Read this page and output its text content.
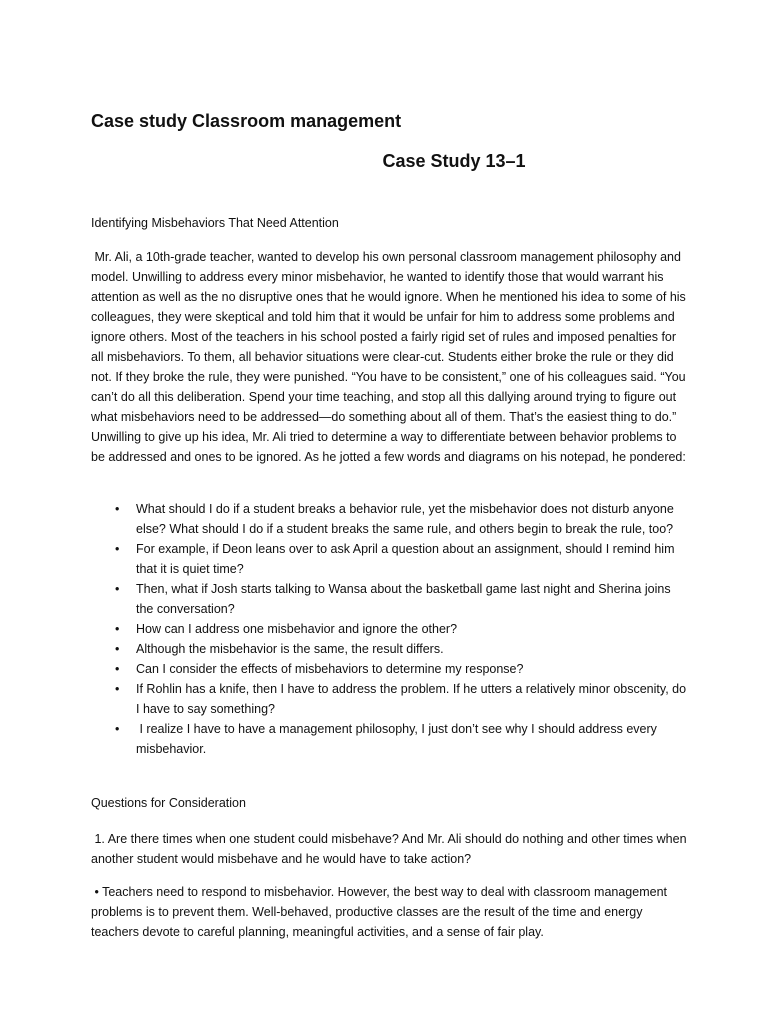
Case study Classroom management
Case Study 13–1

Identifying Misbehaviors That Need Attention

Mr. Ali, a 10th-grade teacher, wanted to develop his own personal classroom management philosophy and model. Unwilling to address every minor misbehavior, he wanted to identify those that would warrant his attention as well as the no disruptive ones that he would ignore. When he mentioned his idea to some of his colleagues, they were skeptical and told him that it would be unfair for him to address some problems and ignore others. Most of the teachers in his school posted a fairly rigid set of rules and imposed penalties for all misbehaviors. To them, all behavior situations were clear-cut. Students either broke the rule or they did not. If they broke the rule, they were punished. “You have to be consistent,” one of his colleagues said. “You can’t do all this deliberation. Spend your time teaching, and stop all this dallying around trying to figure out what misbehaviors need to be addressed—do something about all of them. That’s the easiest thing to do.” Unwilling to give up his idea, Mr. Ali tried to determine a way to differentiate between behavior problems to be addressed and ones to be ignored. As he jotted a few words and diagrams on his notepad, he pondered:

• What should I do if a student breaks a behavior rule, yet the misbehavior does not disturb anyone else? What should I do if a student breaks the same rule, and others begin to break the rule, too?
• For example, if Deon leans over to ask April a question about an assignment, should I remind him that it is quiet time?
• Then, what if Josh starts talking to Wansa about the basketball game last night and Sherina joins the conversation?
• How can I address one misbehavior and ignore the other?
• Although the misbehavior is the same, the result differs.
• Can I consider the effects of misbehaviors to determine my response?
• If Rohlin has a knife, then I have to address the problem. If he utters a relatively minor obscenity, do I have to say something?
• I realize I have to have a management philosophy, I just don’t see why I should address every misbehavior.

Questions for Consideration

1. Are there times when one student could misbehave? And Mr. Ali should do nothing and other times when another student would misbehave and he would have to take action?

• Teachers need to respond to misbehavior. However, the best way to deal with classroom management problems is to prevent them. Well-behaved, productive classes are the result of the time and energy teachers devote to careful planning, meaningful activities, and a sense of fair play.
